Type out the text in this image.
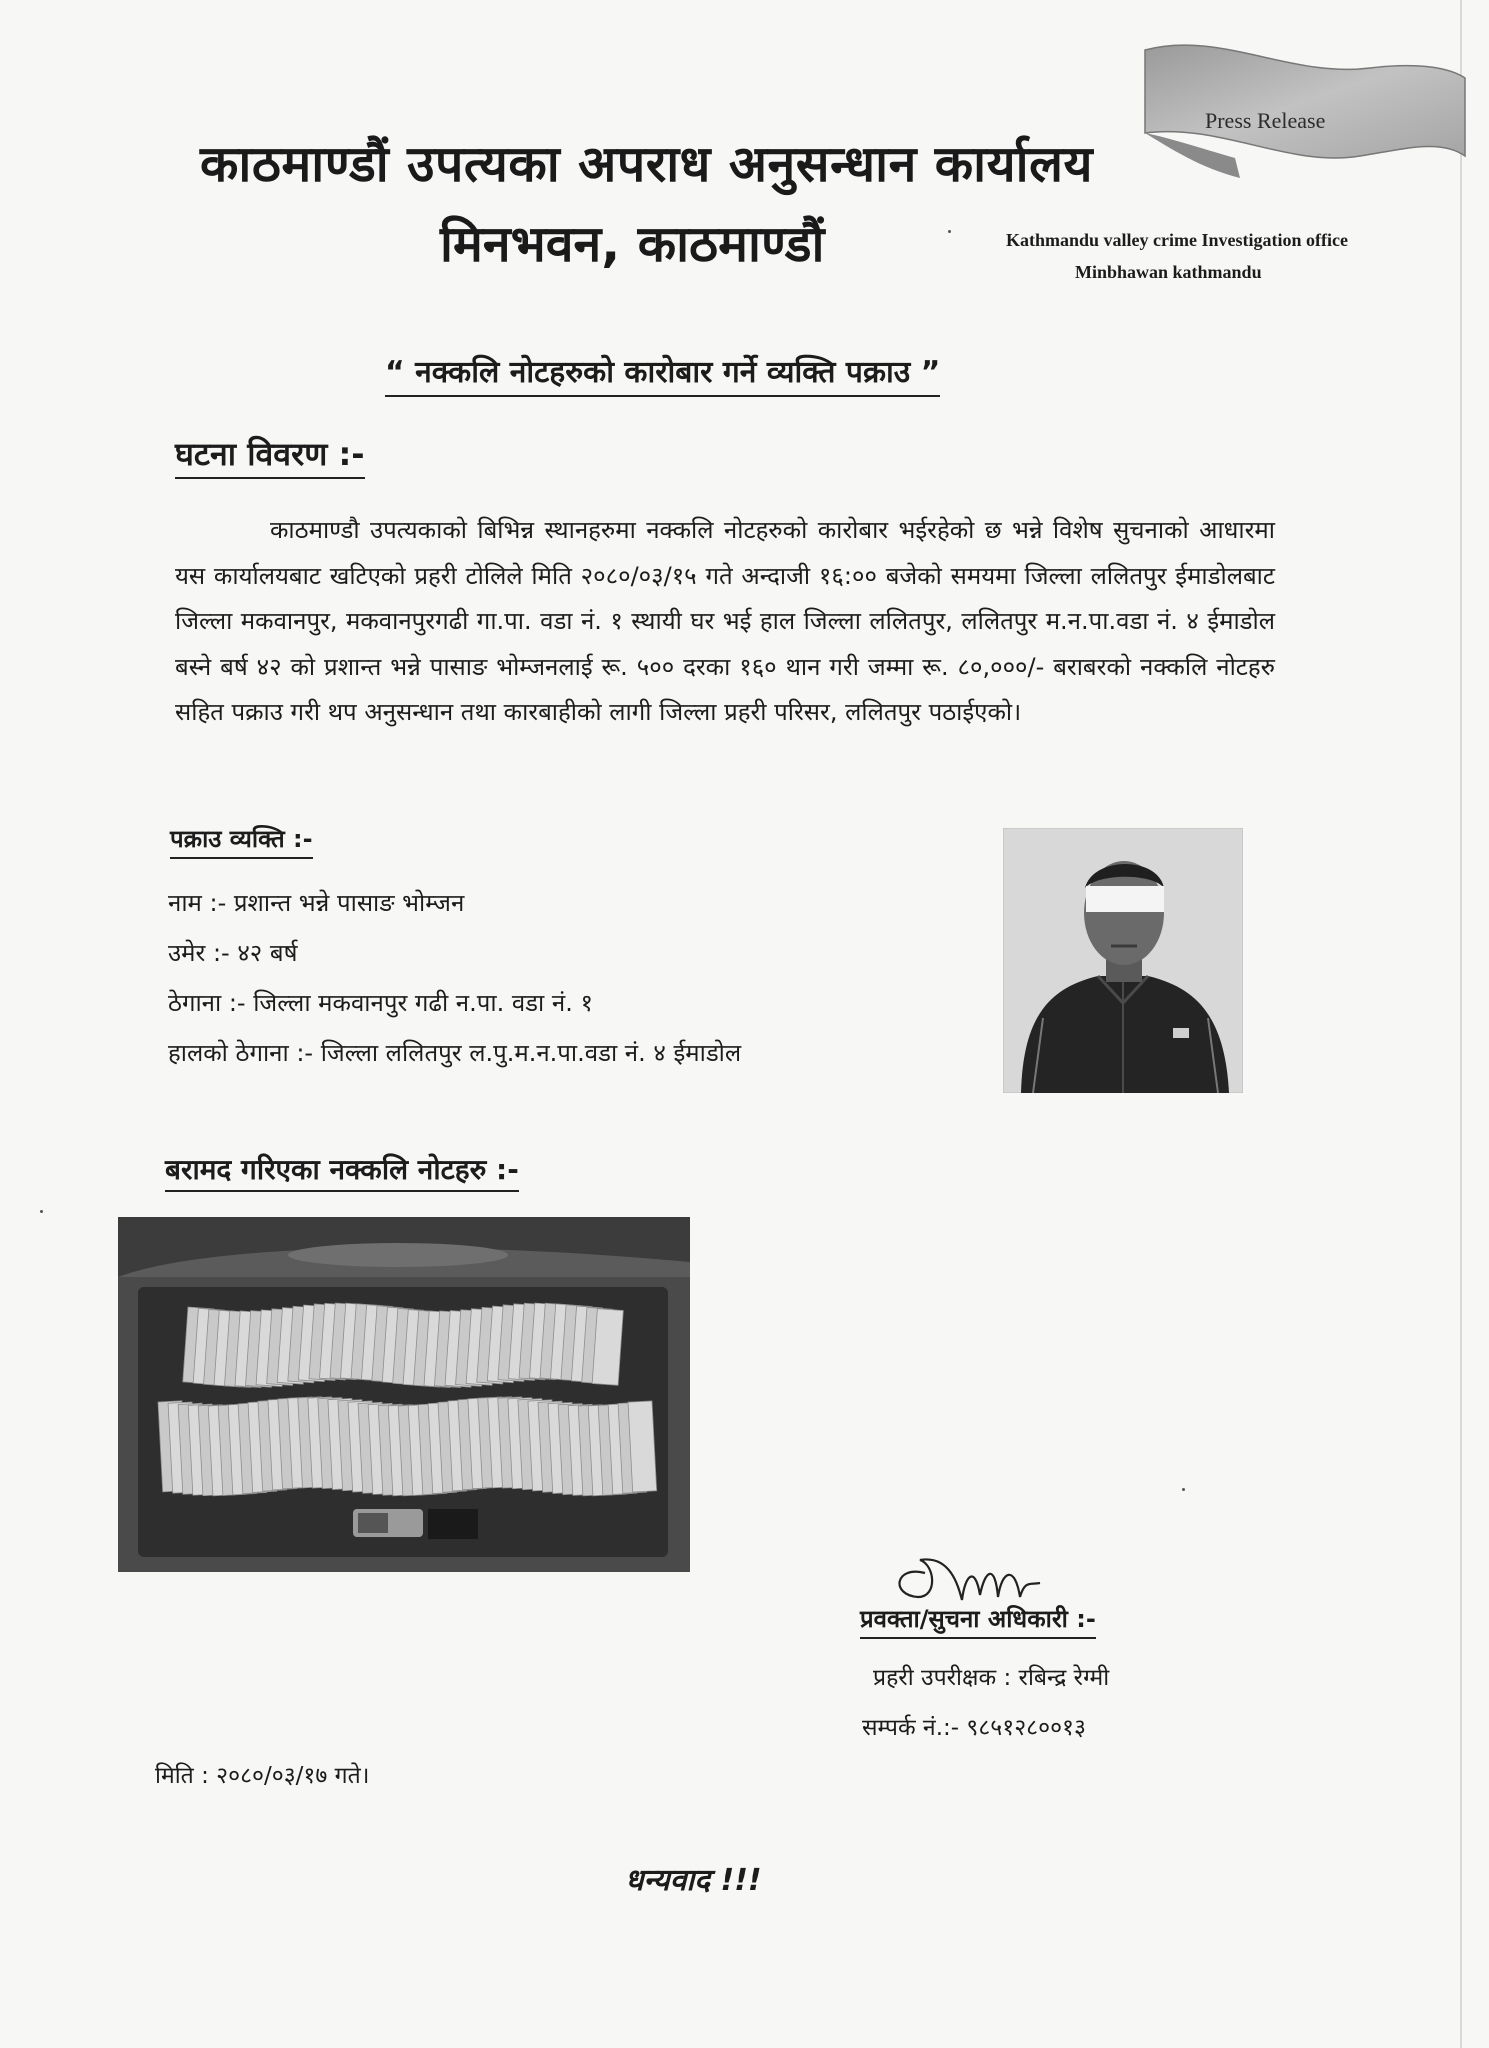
Press Release
काठमाण्डौं उपत्यका अपराध अनुसन्धान कार्यालय
मिनभवन, काठमाण्डौं	Kathmandu valley crime Investigation office
Minbhawan kathmandu
“ नक्कलि नोटहरुको कारोबार गर्ने व्यक्ति पक्राउ ”
घटना विवरण :-

काठमाण्डौ उपत्यकाको बिभिन्न स्थानहरुमा नक्कलि नोटहरुको कारोबार भईरहेको छ भन्ने विशेष सुचनाको आधारमा यस कार्यालयबाट खटिएको प्रहरी टोलिले मिति २०८०/०३/१५ गते अन्दाजी १६:०० बजेको समयमा जिल्ला ललितपुर ईमाडोलबाट जिल्ला मकवानपुर, मकवानपुरगढी गा.पा. वडा नं. १ स्थायी घर भई हाल जिल्ला ललितपुर, ललितपुर म.न.पा.वडा नं. ४ ईमाडोल बस्ने बर्ष ४२ को प्रशान्त भन्ने पासाङ भोम्जनलाई रू. ५०० दरका १६० थान गरी जम्मा रू. ८०,०००/- बराबरको नक्कलि नोटहरु सहित पक्राउ गरी थप अनुसन्धान तथा कारबाहीको लागी जिल्ला प्रहरी परिसर, ललितपुर पठाईएको।

पक्राउ व्यक्ति :-
नाम :- प्रशान्त भन्ने पासाङ भोम्जन
उमेर :- ४२ बर्ष
ठेगाना :- जिल्ला मकवानपुर गढी न.पा. वडा नं. १
हालको ठेगाना :- जिल्ला ललितपुर ल.पु.म.न.पा.वडा नं. ४ ईमाडोल
बरामद गरिएका नक्कलि नोटहरु :-
प्रवक्ता/सुचना अधिकारी :-
प्रहरी उपरीक्षक : रबिन्द्र रेग्मी
सम्पर्क नं.:- ९८५१२८००१३
मिति : २०८०/०३/१७ गते।
धन्यवाद !!!
